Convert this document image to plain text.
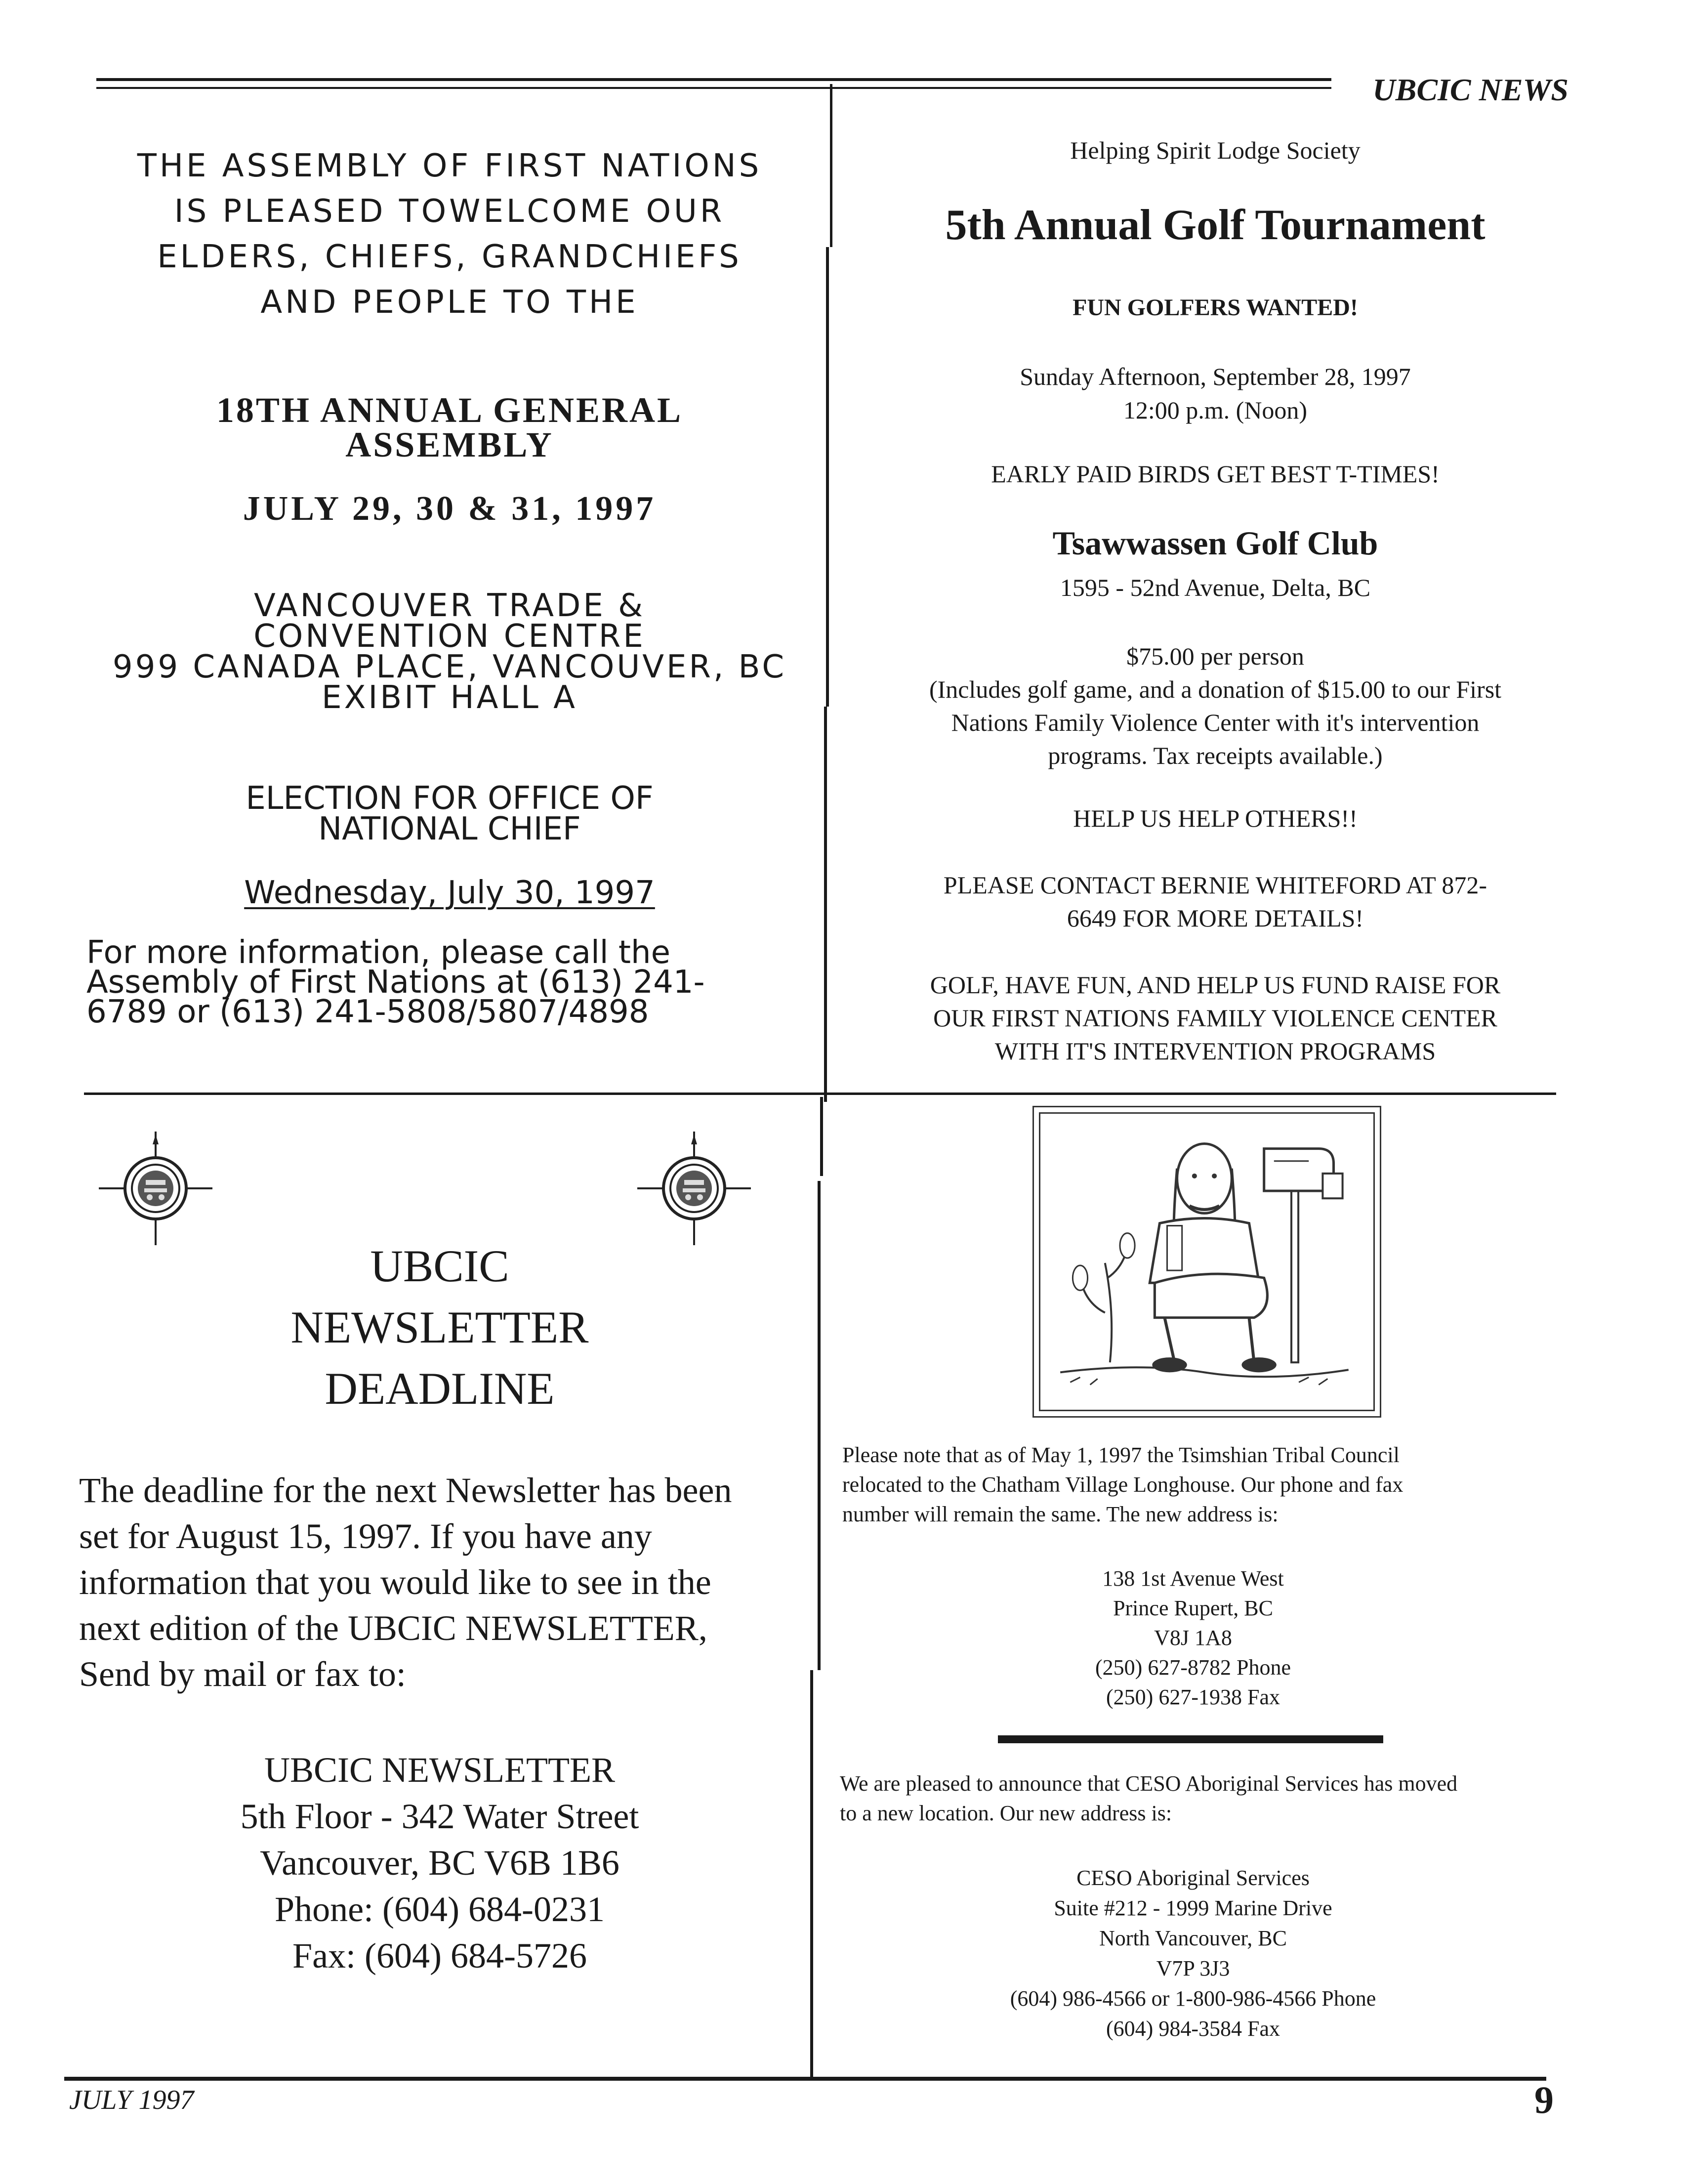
UBCIC NEWS
THE ASSEMBLY OF FIRST NATIONS
IS PLEASED TOWELCOME OUR
ELDERS, CHIEFS, GRANDCHIEFS
AND PEOPLE TO THE
18TH ANNUAL GENERAL
ASSEMBLY
JULY 29, 30 & 31, 1997
VANCOUVER TRADE &
CONVENTION CENTRE
999 CANADA PLACE, VANCOUVER, BC
EXIBIT HALL A
ELECTION FOR OFFICE OF
NATIONAL CHIEF
Wednesday, July 30, 1997
For more information, please call the
Assembly of First Nations at (613) 241-
6789 or (613) 241-5808/5807/4898
Helping Spirit Lodge Society
5th Annual Golf Tournament
FUN GOLFERS WANTED!
Sunday Afternoon, September 28, 1997
12:00 p.m. (Noon)
EARLY PAID BIRDS GET BEST T-TIMES!
Tsawwassen Golf Club
1595 - 52nd Avenue, Delta, BC
$75.00 per person
(Includes golf game, and a donation of $15.00 to our First
Nations Family Violence Center with it's intervention
programs. Tax receipts available.)
HELP US HELP OTHERS!!
PLEASE CONTACT BERNIE WHITEFORD AT 872-
6649 FOR MORE DETAILS!
GOLF, HAVE FUN, AND HELP US FUND RAISE FOR
OUR FIRST NATIONS FAMILY VIOLENCE CENTER
WITH IT'S INTERVENTION PROGRAMS
UBCIC
NEWSLETTER
DEADLINE
The deadline for the next Newsletter has been
set for August 15, 1997. If you have any
information that you would like to see in the
next edition of the UBCIC NEWSLETTER,
Send by mail or fax to:
UBCIC NEWSLETTER
5th Floor - 342 Water Street
Vancouver, BC V6B 1B6
Phone: (604) 684-0231
Fax: (604) 684-5726
Please note that as of May 1, 1997 the Tsimshian Tribal Council
relocated to the Chatham Village Longhouse. Our phone and fax
number will remain the same. The new address is:
138 1st Avenue West
Prince Rupert, BC
V8J 1A8
(250) 627-8782 Phone
(250) 627-1938 Fax
We are pleased to announce that CESO Aboriginal Services has moved
to a new location. Our new address is:
CESO Aboriginal Services
Suite #212 - 1999 Marine Drive
North Vancouver, BC
V7P 3J3
(604) 986-4566 or 1-800-986-4566 Phone
(604) 984-3584 Fax
JULY 1997	9
